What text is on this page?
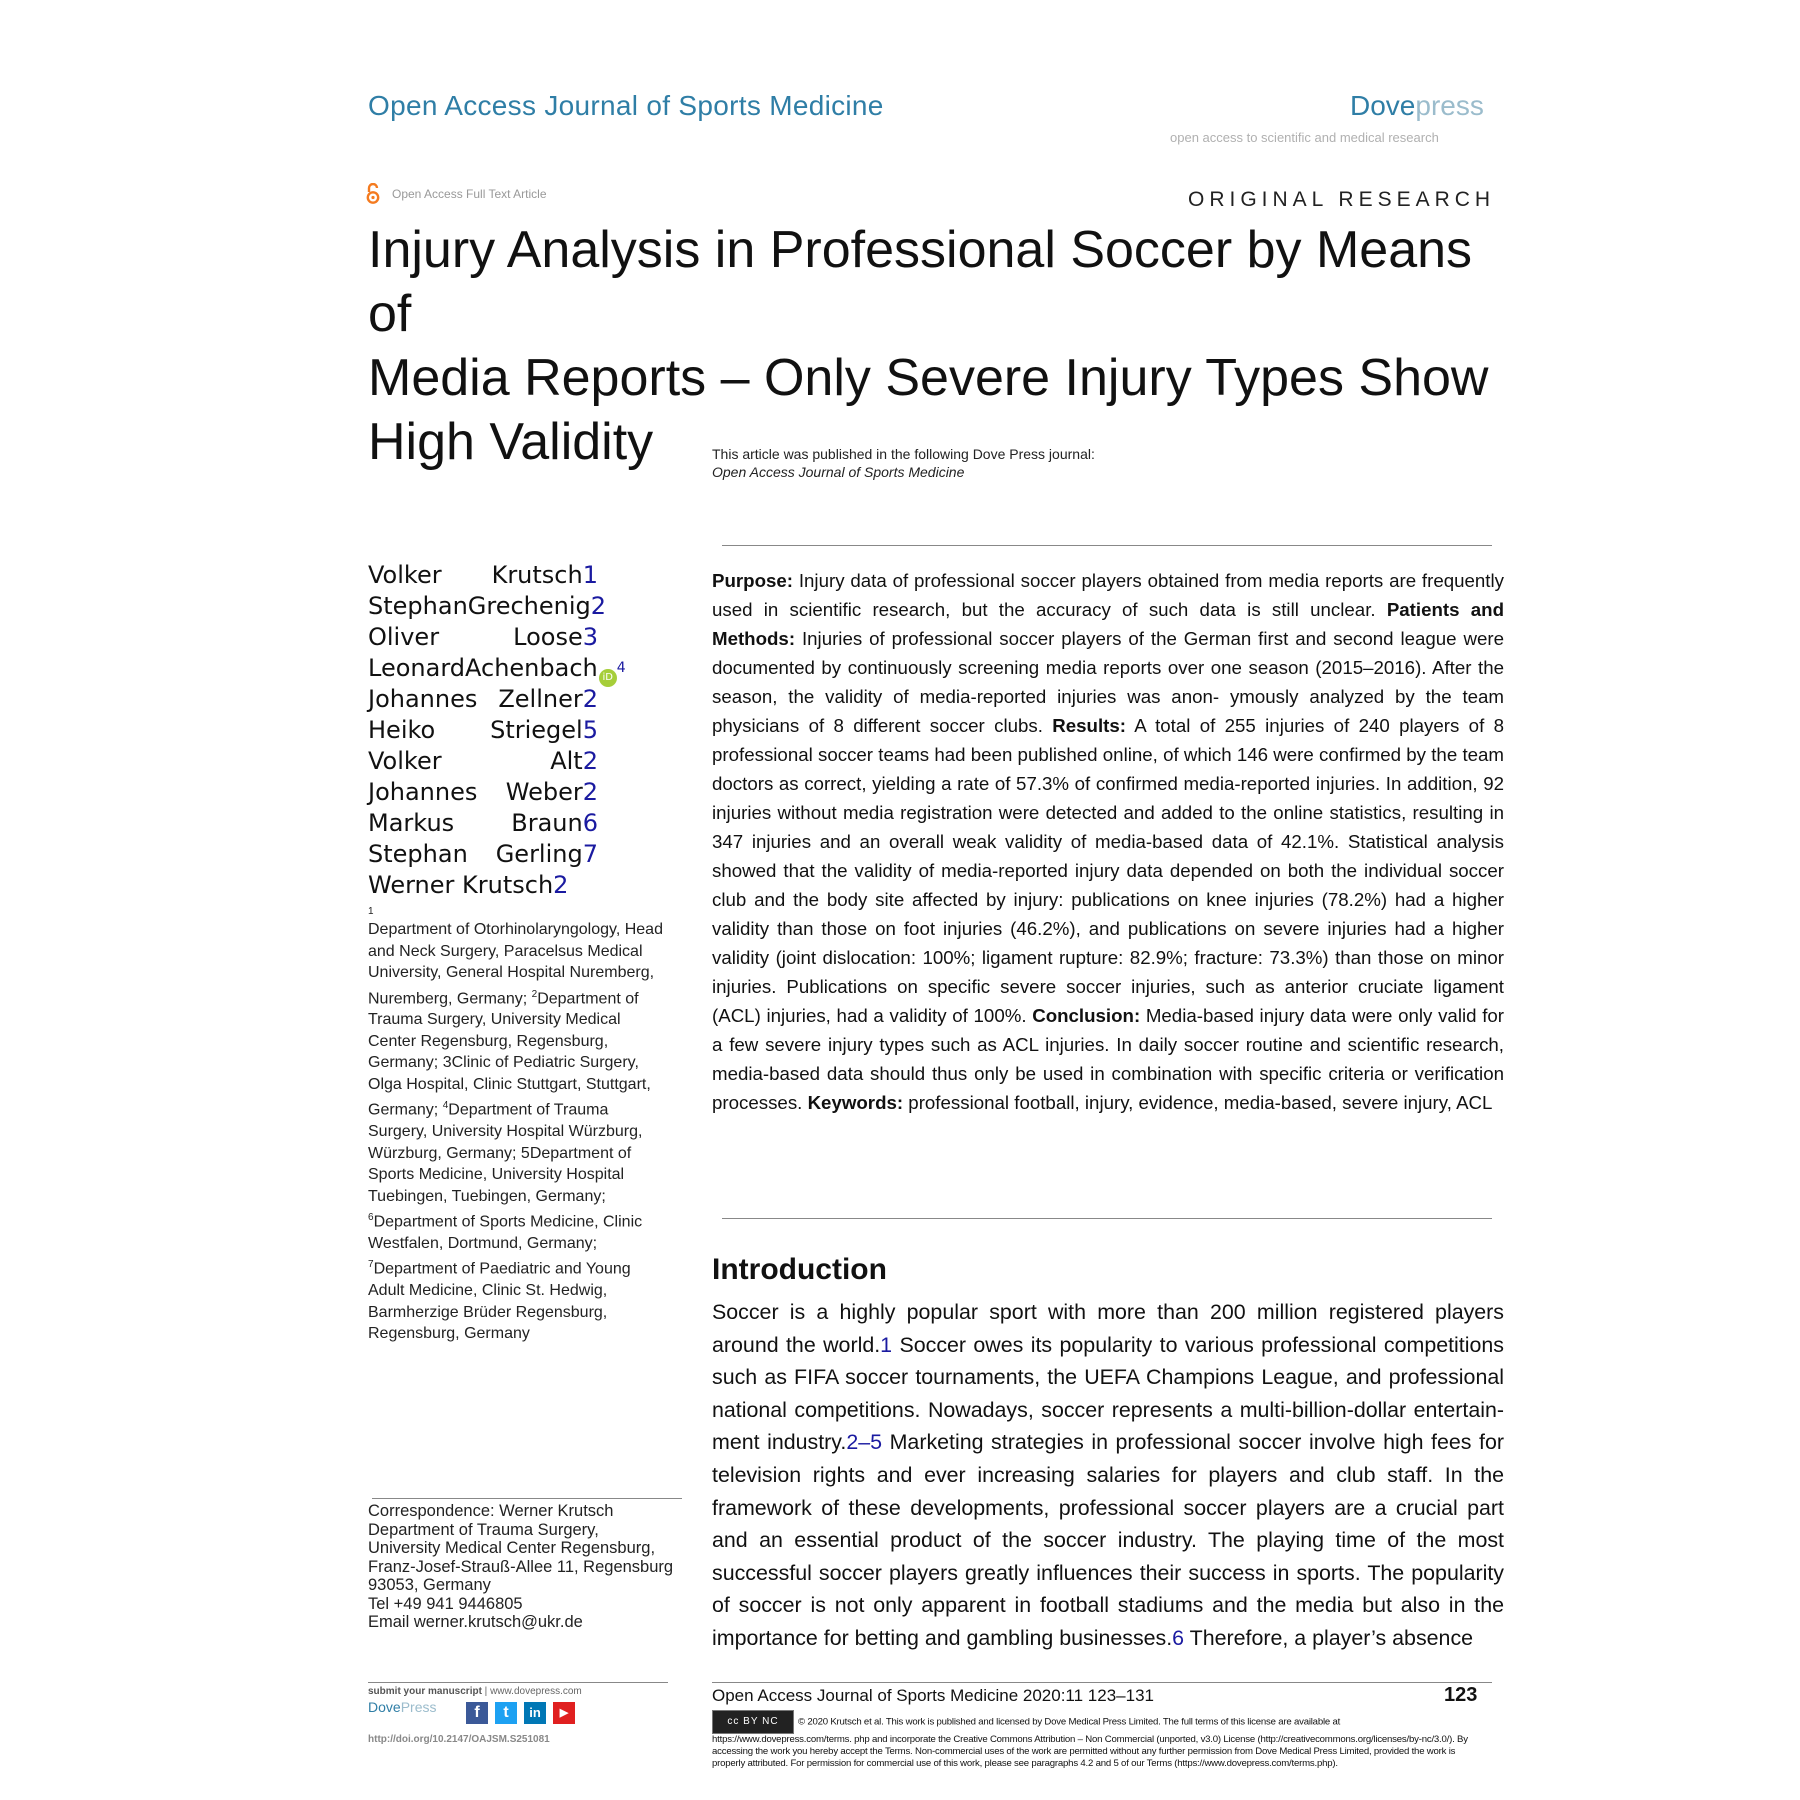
Open Access Journal of Sports Medicine	Dovepress
open access to scientific and medical research
Open Access Full Text Article	ORIGINAL RESEARCH
Injury Analysis in Professional Soccer by Means of
Media Reports – Only Severe Injury Types Show
High Validity	This article was published in the following Dove Press journal:
Open Access Journal of Sports Medicine
Volker Krutsch1
Stephan Grechenig2
Oliver	Loose3
Leonard Achenbach $iD^4$
Johannes Zellner2
Heiko Striegel5
Volker	Alt2
Johannes Weber2
Markus Braun6
Stephan Gerling7
Werner
Krutsch 2
1
Department of Otorhinolaryngology, Head and Neck Surgery, Paracelsus Medical University, General Hospital Nuremberg, Nuremberg, Germany; $^2$Department of Trauma Surgery, University Medical Center Regensburg, Regensburg, Germany; 3Clinic of Pediatric Surgery, Olga Hospital, Clinic Stuttgart, Stuttgart, Germany; $^4$Department of Trauma Surgery, University Hospital Würzburg, Würzburg, Germany; 5Department of Sports Medicine, University Hospital Tuebingen, Tuebingen, Germany; $^6$Department of Sports Medicine, Clinic Westfalen, Dortmund, Germany; $^7$Department of Paediatric and Young Adult Medicine, Clinic St. Hedwig, Barmherzige Brüder Regensburg, Regensburg, Germany
Correspondence: Werner Krutsch
Department of Trauma Surgery,
University Medical Center Regensburg,
Franz-Josef-Strauß-Allee 11, Regensburg
93053, Germany
Tel +49 941 9446805
Email werner.krutsch@ukr.de
Purpose: Injury data of professional soccer players obtained from media reports are frequently used in scientific research, but the accuracy of such data is still unclear. Patients and Methods: Injuries of professional soccer players of the German first and second league were documented by continuously screening media reports over one season (2015–2016). After the season, the validity of media-reported injuries was anon- ymously analyzed by the team physicians of 8 different soccer clubs. Results: A total of 255 injuries of 240 players of 8 professional soccer teams had been published online, of which 146 were confirmed by the team doctors as correct, yielding a rate of 57.3% of confirmed media-reported injuries. In addition, 92 injuries without media registration were detected and added to the online statistics, resulting in 347 injuries and an overall weak validity of media-based data of 42.1%. Statistical analysis showed that the validity of media-reported injury data depended on both the individual soccer club and the body site affected by injury: publications on knee injuries (78.2%) had a higher validity than those on foot injuries (46.2%), and publications on severe injuries had a higher validity (joint dislocation: 100%; ligament rupture: 82.9%; fracture: 73.3%) than those on minor injuries. Publications on specific severe soccer injuries, such as anterior cruciate ligament (ACL) injuries, had a validity of 100%. Conclusion: Media-based injury data were only valid for a few severe injury types such as ACL injuries. In daily soccer routine and scientific research, media-based data should thus only be used in combination with specific criteria or verification processes. Keywords: professional football, injury, evidence, media-based, severe injury, ACL
Introduction
Soccer is a highly popular sport with more than 200 million registered players around the world.1 Soccer owes its popularity to various professional competitions such as FIFA soccer tournaments, the UEFA Champions League, and professional national competitions. Nowadays, soccer represents a multi-billion-dollar entertain- ment industry.2–5 Marketing strategies in professional soccer involve high fees for television rights and ever increasing salaries for players and club staff. In the framework of these developments, professional soccer players are a crucial part and an essential product of the soccer industry. The playing time of the most successful soccer players greatly influences their success in sports. The popularity of soccer is not only apparent in football stadiums and the media but also in the importance for betting and gambling businesses.6 Therefore, a player’s absence
submit your manuscript | www.dovepress.com
DovePress	f	t	in	▶
http://doi.org/10.2147/OAJSM.S251081
Open Access Journal of Sports Medicine 2020:11 123–131	123
cc BY NC © 2020 Krutsch et al. This work is published and licensed by Dove Medical Press Limited. The full terms of this license are available at https://www.dovepress.com/terms. php and incorporate the Creative Commons Attribution – Non Commercial (unported, v3.0) License (http://creativecommons.org/licenses/by-nc/3.0/). By accessing the work you hereby accept the Terms. Non-commercial uses of the work are permitted without any further permission from Dove Medical Press Limited, provided the work is properly attributed. For permission for commercial use of this work, please see paragraphs 4.2 and 5 of our Terms (https://www.dovepress.com/terms.php).
